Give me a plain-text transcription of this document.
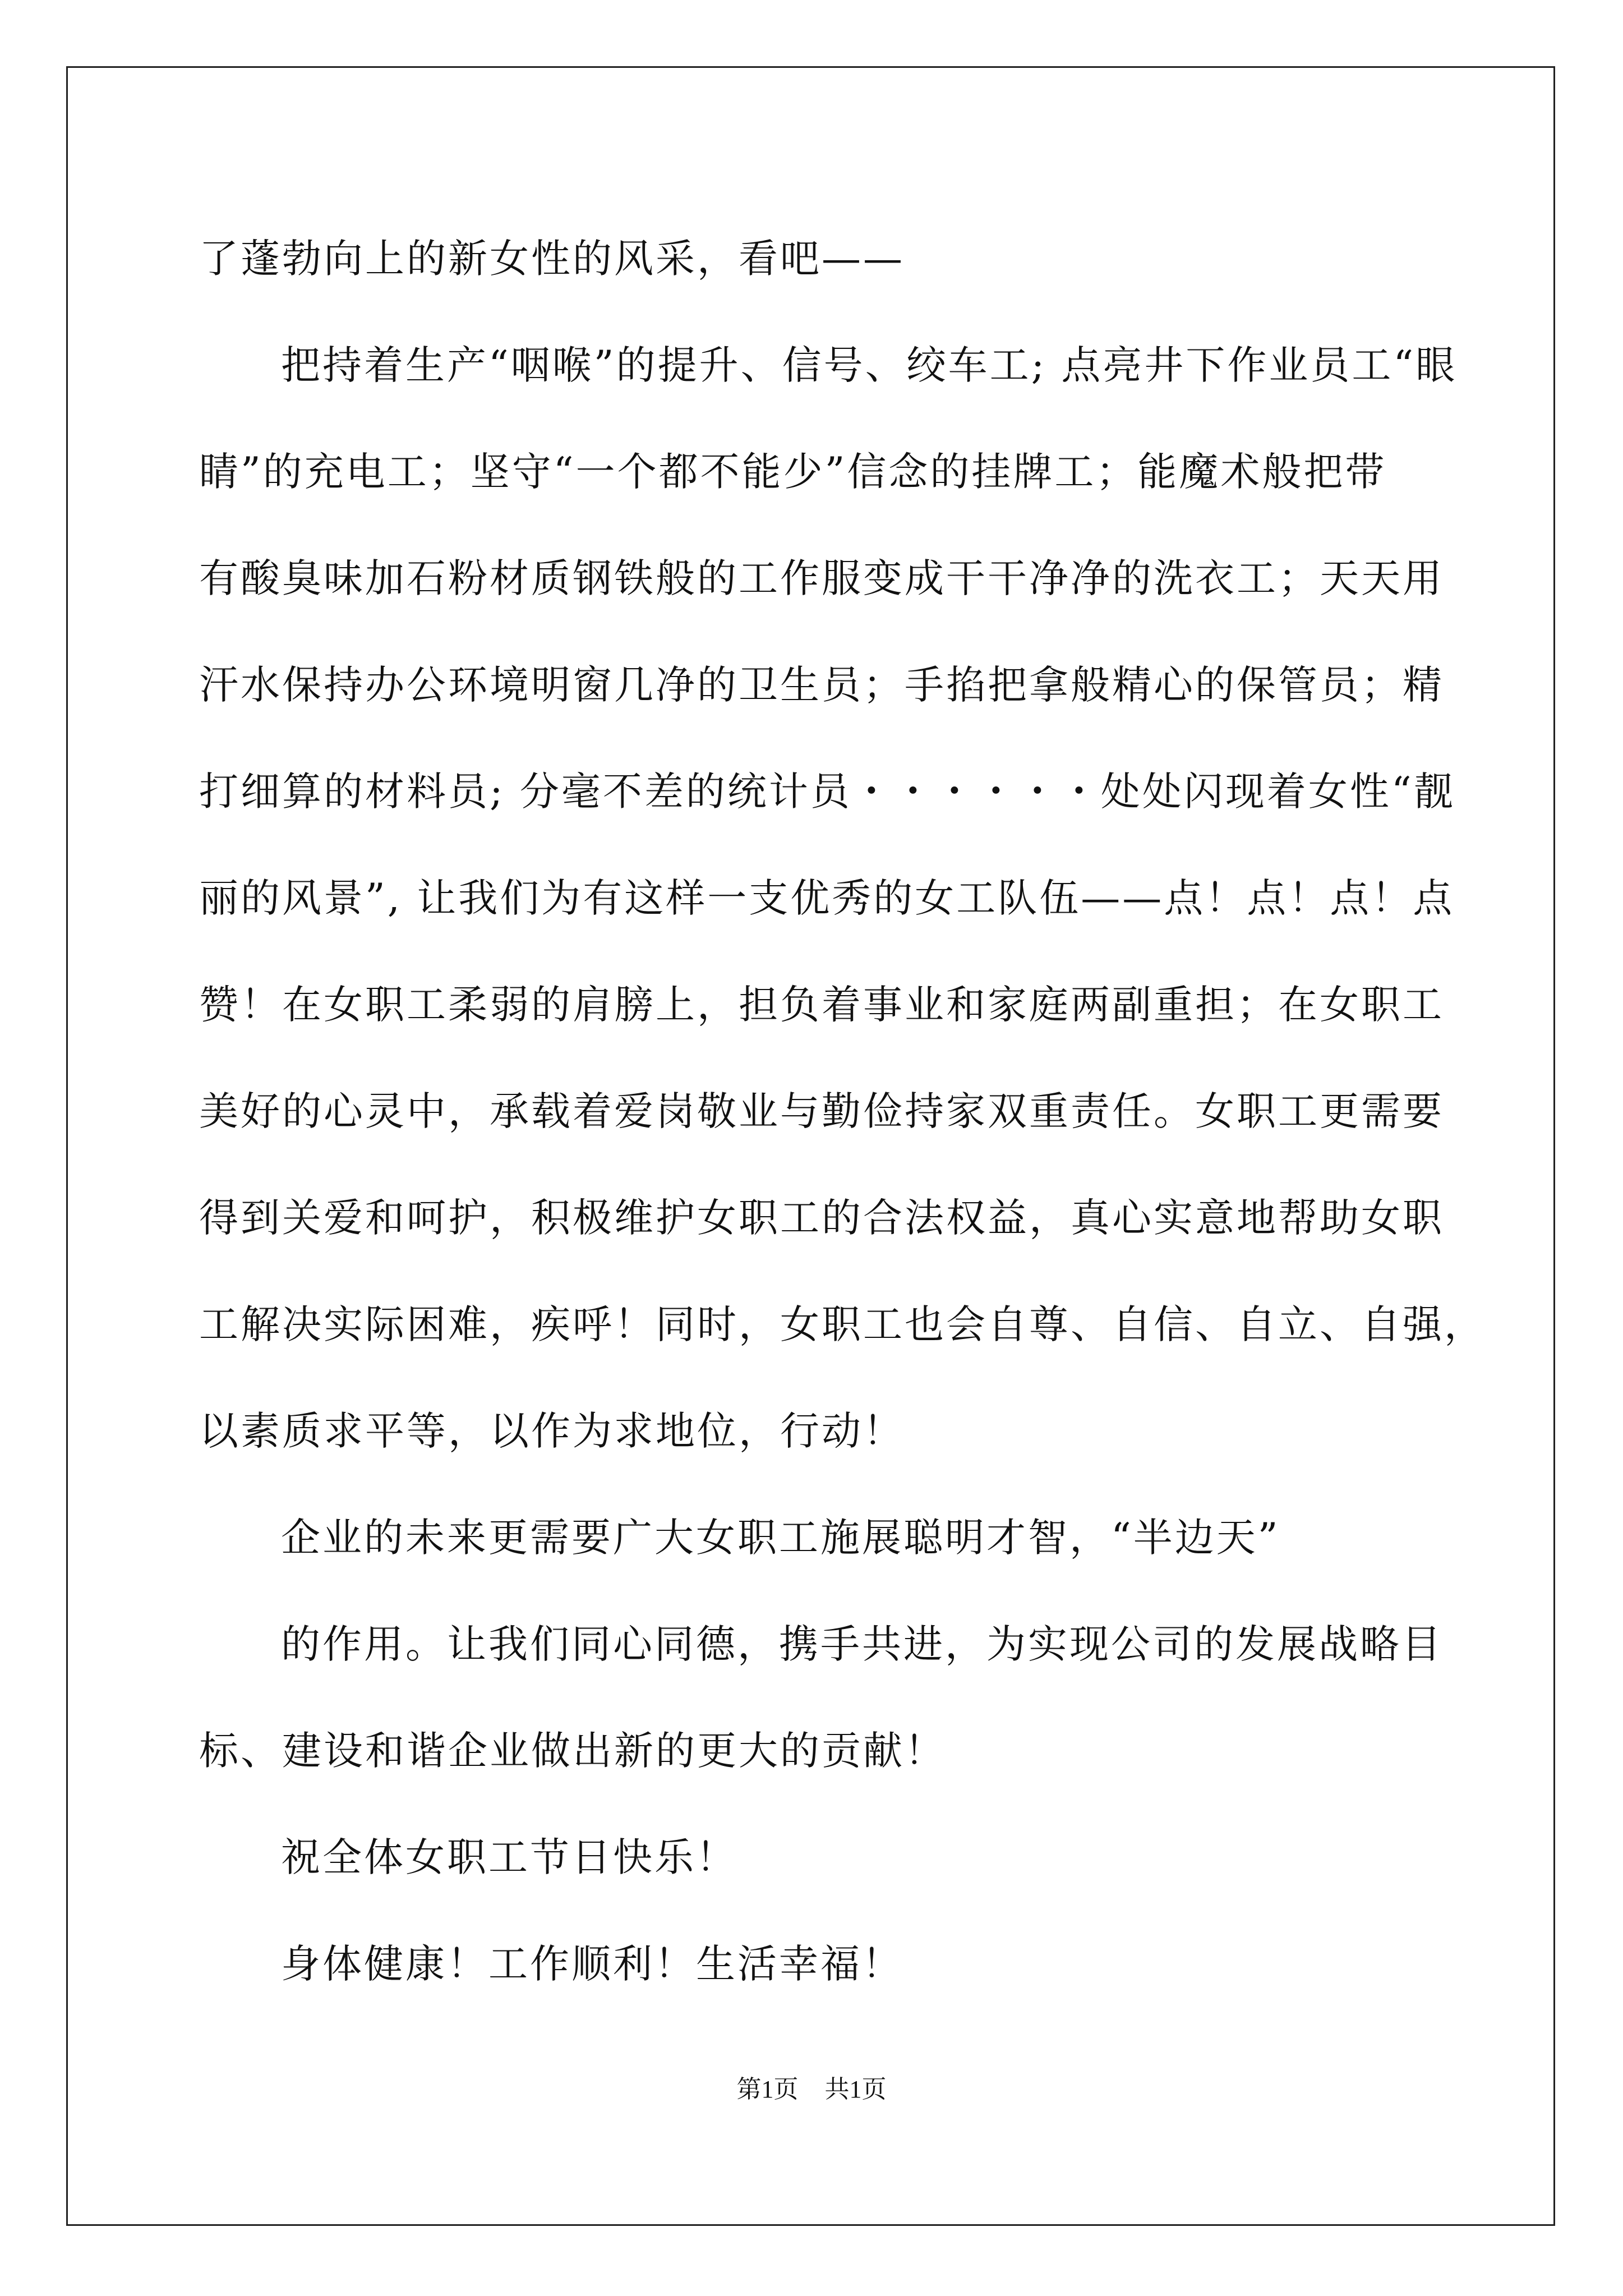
了蓬勃向上的新女性的风采，看吧——
把持着生产“咽喉”的提升、信号、绞车工; 点亮井下作业员工“眼
睛”的充电工；坚守“一个都不能少”信念的挂牌工；能魔术般把带
有酸臭味加石粉材质钢铁般的工作服变成干干净净的洗衣工；天天用
汗水保持办公环境明窗几净的卫生员；手掐把拿般精心的保管员；精
打细算的材料员; 分毫不差的统计员・・・・・・处处闪现着女性“靓
丽的风景”, 让我们为有这样一支优秀的女工队伍——点！点！点！点
赞！在女职工柔弱的肩膀上，担负着事业和家庭两副重担；在女职工
美好的心灵中，承载着爱岗敬业与勤俭持家双重责任。女职工更需要
得到关爱和呵护，积极维护女职工的合法权益，真心实意地帮助女职
工解决实际困难，疾呼！同时，女职工也会自尊、自信、自立、自强，
以素质求平等，以作为求地位，行动！
企业的未来更需要广大女职工施展聪明才智，“半边天”
的作用。让我们同心同德，携手共进，为实现公司的发展战略目
标、建设和谐企业做出新的更大的贡献！
祝全体女职工节日快乐！
身体健康！工作顺利！生活幸福！
第1页 共1页
